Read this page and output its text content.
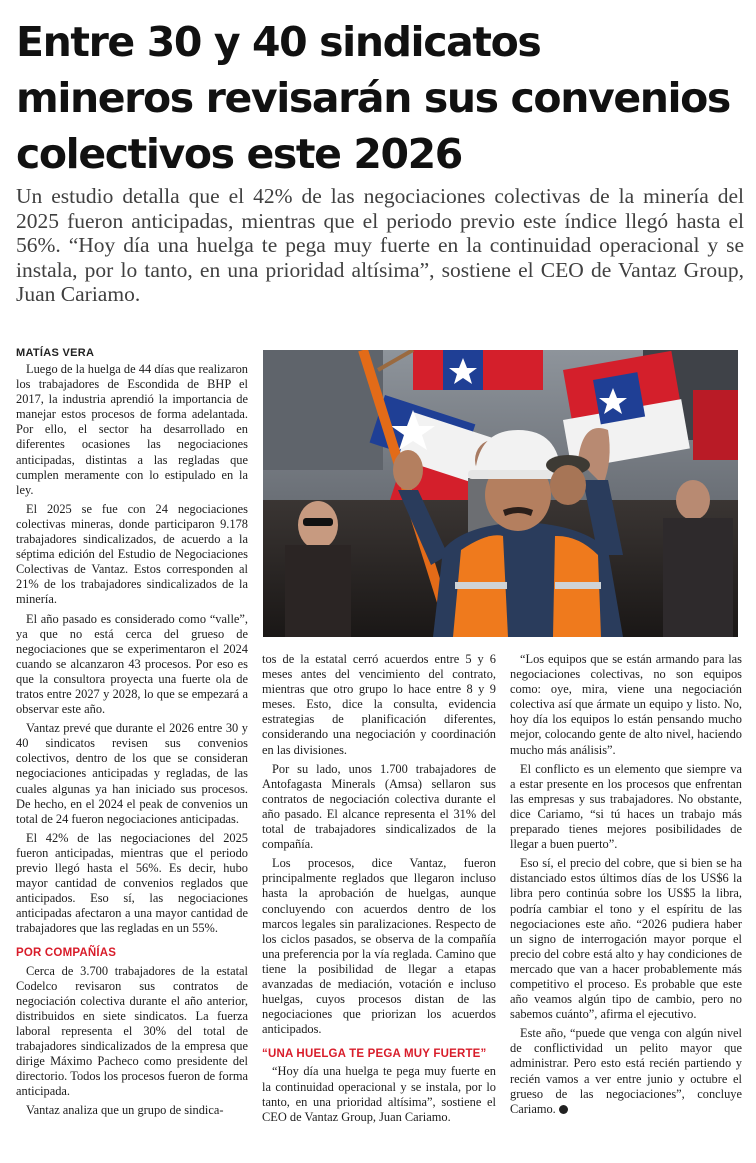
Entre 30 y 40 sindicatos
mineros revisarán sus convenios
colectivos este 2026

Un estudio detalla que el 42% de las negociaciones colectivas de la minería del 2025 fueron anticipadas, mientras que el periodo previo este índice llegó hasta el 56%. “Hoy día una huelga te pega muy fuerte en la continuidad operacional y se instala, por lo tanto, en una prioridad altísima”, sostiene el CEO de Vantaz Group, Juan Cariamo.

MATÍAS VERA

Luego de la huelga de 44 días que realizaron los trabajadores de Escondida de BHP el 2017, la industria aprendió la importancia de manejar estos procesos de forma adelantada. Por ello, el sector ha desarrollado en diferentes ocasiones las negociaciones anticipadas, distintas a las regladas que cumplen meramente con lo estipulado en la ley.

El 2025 se fue con 24 negociaciones colectivas mineras, donde participaron 9.178 trabajadores sindicalizados, de acuerdo a la séptima edición del Estudio de Negociaciones Colectivas de Vantaz. Estos corresponden al 21% de los trabajadores sindicalizados de la minería.

El año pasado es considerado como “valle”, ya que no está cerca del grueso de negociaciones que se experimentaron el 2024 cuando se alcanzaron 43 procesos. Por eso es que la consultora proyecta una fuerte ola de tratos entre 2027 y 2028, lo que se empezará a observar este año.

Vantaz prevé que durante el 2026 entre 30 y 40 sindicatos revisen sus convenios colectivos, dentro de los que se consideran negociaciones anticipadas y regladas, de las cuales algunas ya han iniciado sus procesos. De hecho, en el 2024 el peak de convenios un total de 24 fueron negociaciones anticipadas.

El 42% de las negociaciones del 2025 fueron anticipadas, mientras que el periodo previo llegó hasta el 56%. Es decir, hubo mayor cantidad de convenios reglados que anticipados. Eso sí, las negociaciones anticipadas afectaron a una mayor cantidad de trabajadores que las regladas en un 55%.

POR COMPAÑÍAS

Cerca de 3.700 trabajadores de la estatal Codelco revisaron sus contratos de negociación colectiva durante el año anterior, distribuidos en siete sindicatos. La fuerza laboral representa el 30% del total de trabajadores sindicalizados de la empresa que dirige Máximo Pacheco como presidente del directorio. Todos los procesos fueron de forma anticipada.

Vantaz analiza que un grupo de sindica-

tos de la estatal cerró acuerdos entre 5 y 6 meses antes del vencimiento del contrato, mientras que otro grupo lo hace entre 8 y 9 meses. Esto, dice la consulta, evidencia estrategias de planificación diferentes, considerando una negociación y coordinación en las divisiones.

Por su lado, unos 1.700 trabajadores de Antofagasta Minerals (Amsa) sellaron sus contratos de negociación colectiva durante el año pasado. El alcance representa el 31% del total de trabajadores sindicalizados de la compañía.

Los procesos, dice Vantaz, fueron principalmente reglados que llegaron incluso hasta la aprobación de huelgas, aunque concluyendo con acuerdos dentro de los marcos legales sin paralizaciones. Respecto de los ciclos pasados, se observa de la compañía una preferencia por la vía reglada. Camino que tiene la posibilidad de llegar a etapas avanzadas de mediación, votación e incluso huelgas, cuyos procesos distan de las negociaciones que priorizan los acuerdos anticipados.

“UNA HUELGA TE PEGA MUY FUERTE”

“Hoy día una huelga te pega muy fuerte en la continuidad operacional y se instala, por lo tanto, en una prioridad altísima”, sostiene el CEO de Vantaz Group, Juan Cariamo.

“Los equipos que se están armando para las negociaciones colectivas, no son equipos como: oye, mira, viene una negociación colectiva así que ármate un equipo y listo. No, hoy día los equipos lo están pensando mucho mejor, colocando gente de alto nivel, haciendo mucho más análisis”.

El conflicto es un elemento que siempre va a estar presente en los procesos que enfrentan las empresas y sus trabajadores. No obstante, dice Cariamo, “si tú haces un trabajo más preparado tienes mejores posibilidades de llegar a buen puerto”.

Eso sí, el precio del cobre, que si bien se ha distanciado estos últimos días de los US$6 la libra pero continúa sobre los US$5 la libra, podría cambiar el tono y el espíritu de las negociaciones este año. “2026 pudiera haber un signo de interrogación mayor porque el precio del cobre está alto y hay condiciones de mercado que van a hacer probablemente más competitivo el proceso. Es probable que este año veamos algún tipo de cambio, pero no sabemos cuánto”, afirma el ejecutivo.

Este año, “puede que venga con algún nivel de conflictividad un pelito mayor que administrar. Pero esto está recién partiendo y recién vamos a ver entre junio y octubre el grueso de las negociaciones”, concluye Cariamo.
